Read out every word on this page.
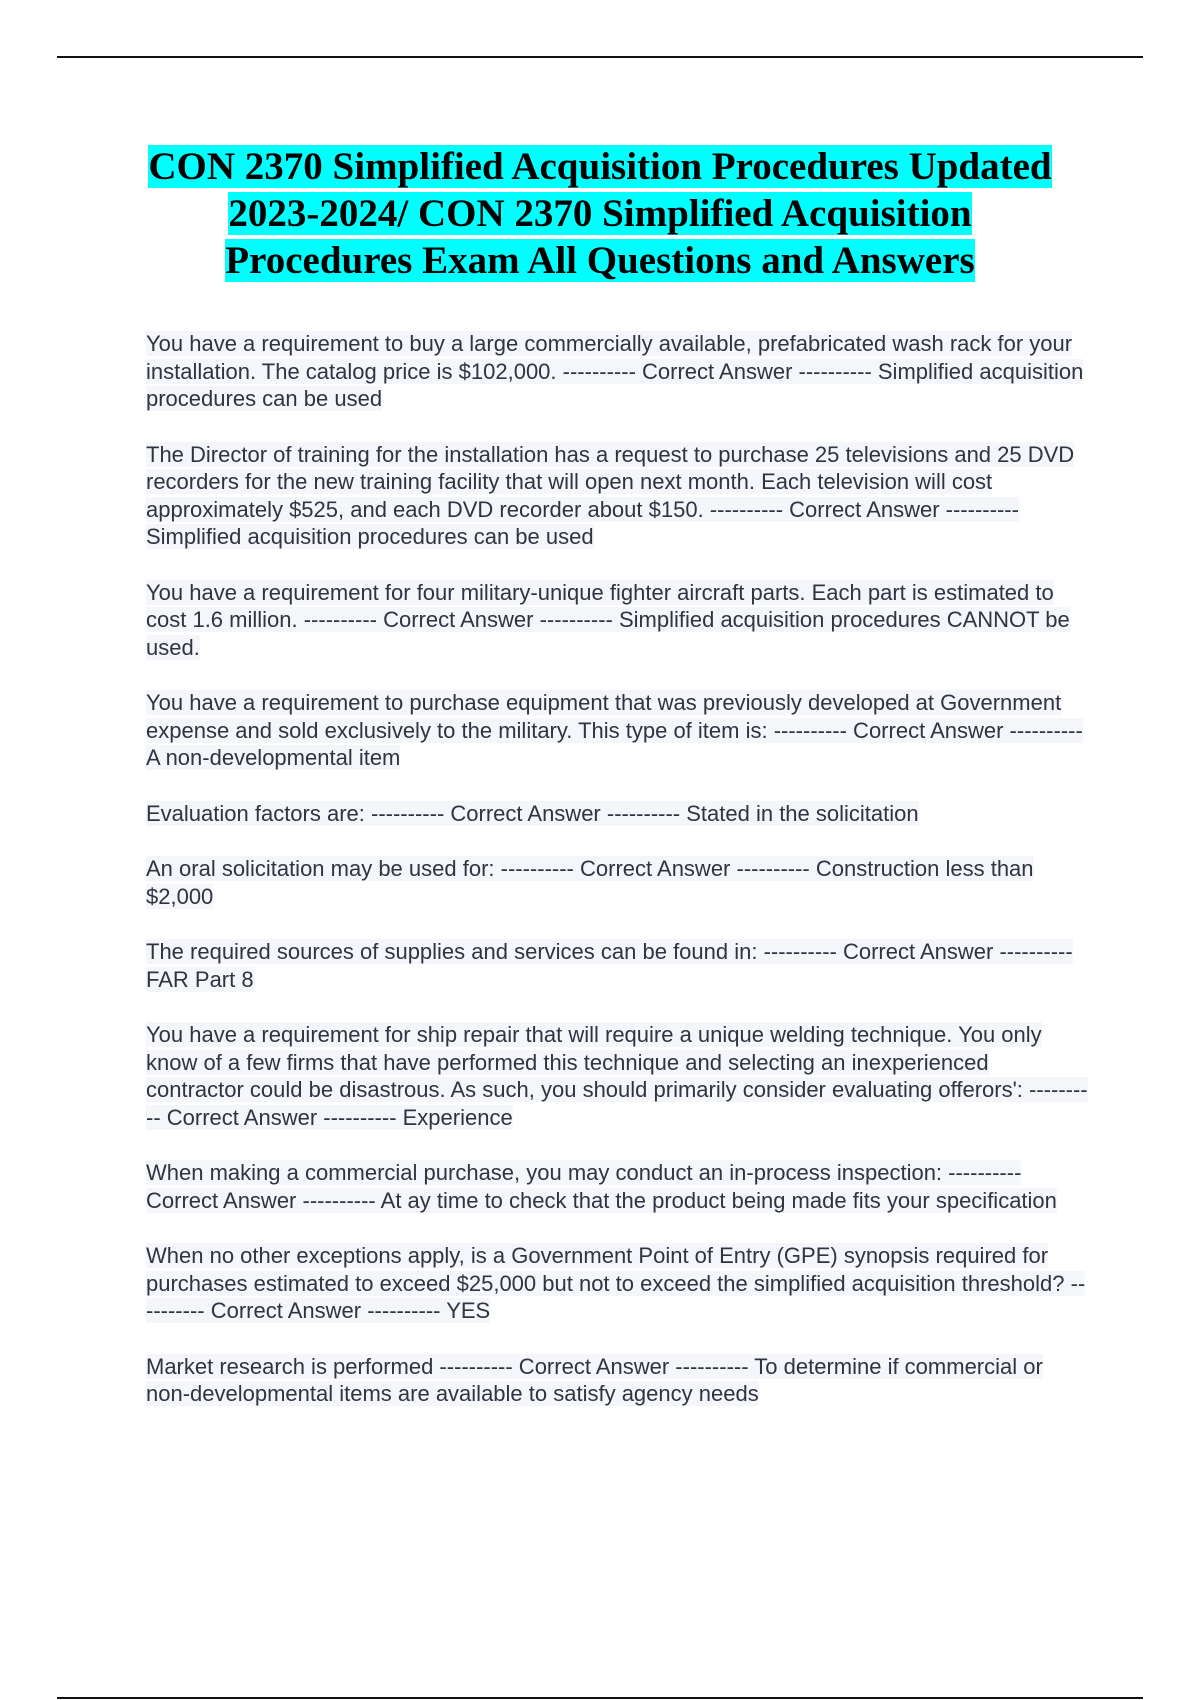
CON 2370 Simplified Acquisition Procedures Updated
2023-2024/ CON 2370 Simplified Acquisition
Procedures Exam All Questions and Answers

You have a requirement to buy a large commercially available, prefabricated wash rack for your installation. The catalog price is $102,000. ---------- Correct Answer ---------- Simplified acquisition procedures can be used

The Director of training for the installation has a request to purchase 25 televisions and 25 DVD recorders for the new training facility that will open next month. Each television will cost approximately $525, and each DVD recorder about $150. ---------- Correct Answer ---------- Simplified acquisition procedures can be used

You have a requirement for four military-unique fighter aircraft parts. Each part is estimated to cost 1.6 million. ---------- Correct Answer ---------- Simplified acquisition procedures CANNOT be used.

You have a requirement to purchase equipment that was previously developed at Government expense and sold exclusively to the military. This type of item is: ---------- Correct Answer ---------- A non-developmental item

Evaluation factors are: ---------- Correct Answer ---------- Stated in the solicitation

An oral solicitation may be used for: ---------- Correct Answer ---------- Construction less than $2,000

The required sources of supplies and services can be found in: ---------- Correct Answer ---------- FAR Part 8

You have a requirement for ship repair that will require a unique welding technique. You only know of a few firms that have performed this technique and selecting an inexperienced contractor could be disastrous. As such, you should primarily consider evaluating offerors': ---------- Correct Answer ---------- Experience

When making a commercial purchase, you may conduct an in-process inspection: ---------- Correct Answer ---------- At ay time to check that the product being made fits your specification

When no other exceptions apply, is a Government Point of Entry (GPE) synopsis required for purchases estimated to exceed $25,000 but not to exceed the simplified acquisition threshold? ---------- Correct Answer ---------- YES

Market research is performed ---------- Correct Answer ---------- To determine if commercial or non-developmental items are available to satisfy agency needs
